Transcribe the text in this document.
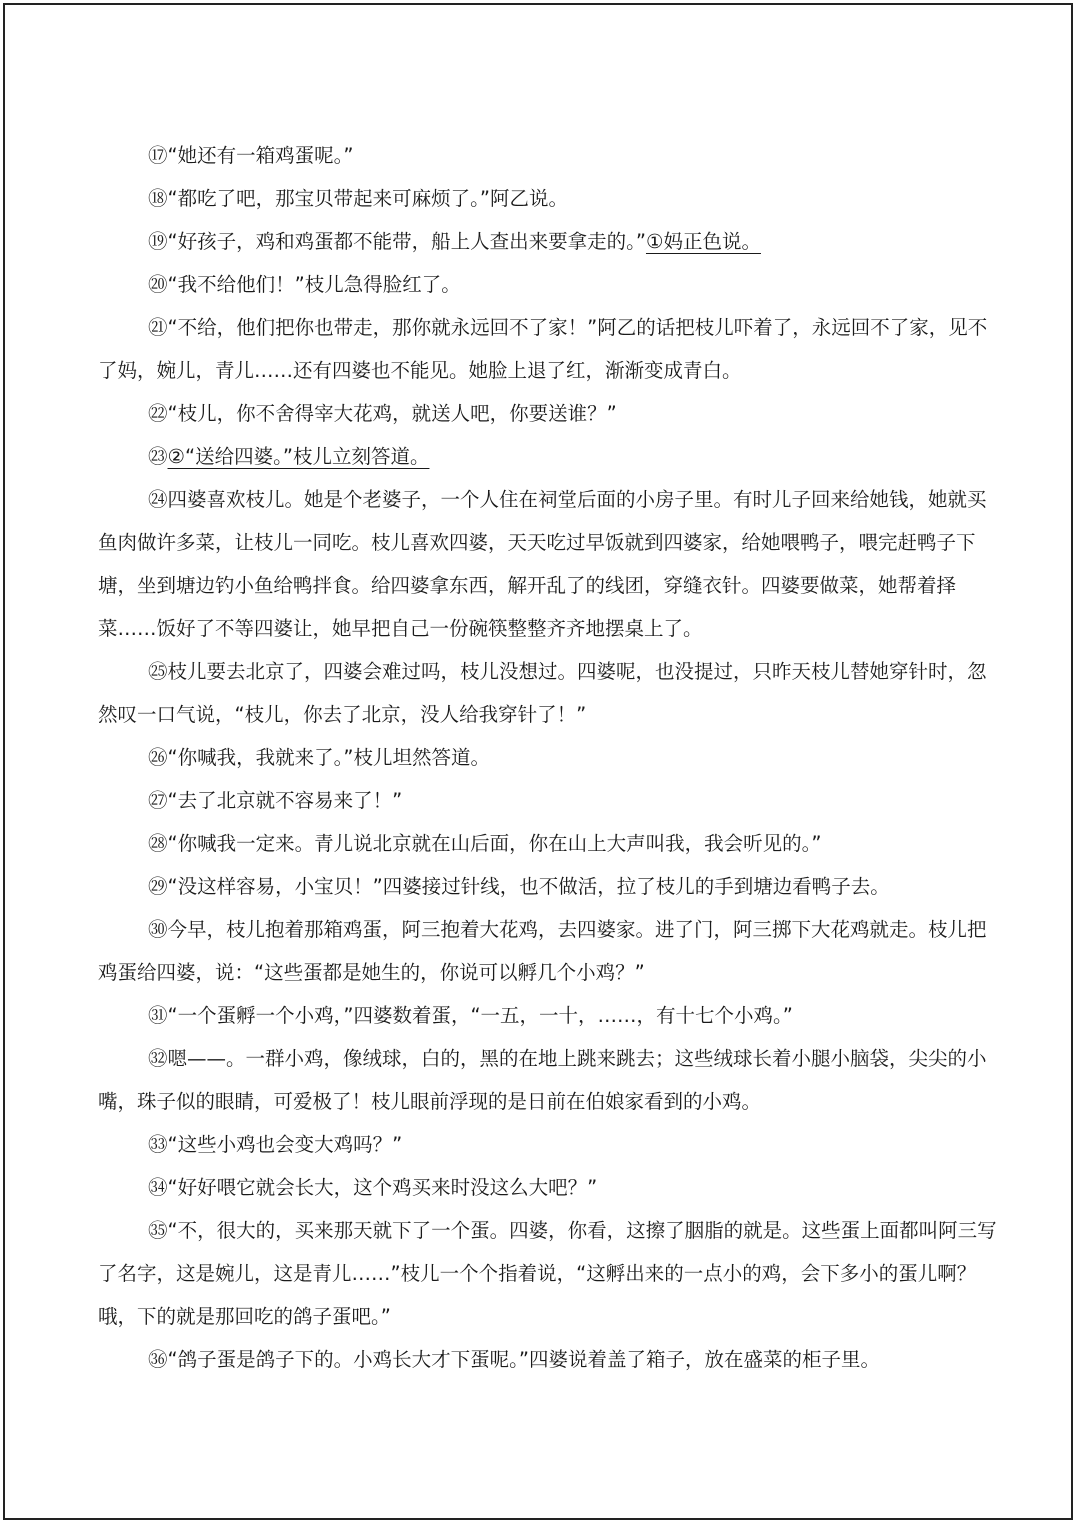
⑰“她还有一箱鸡蛋呢。”

⑱“都吃了吧，那宝贝带起来可麻烦了。”阿乙说。

⑲“好孩子，鸡和鸡蛋都不能带，船上人查出来要拿走的。”①妈正色说。

⑳“我不给他们！”枝儿急得脸红了。

㉑“不给，他们把你也带走，那你就永远回不了家！”阿乙的话把枝儿吓着了，永远回不了家，见不了妈，婉儿，青儿……还有四婆也不能见。她脸上退了红，渐渐变成青白。

㉒“枝儿，你不舍得宰大花鸡，就送人吧，你要送谁？”

㉓②“送给四婆。”枝儿立刻答道。

㉔四婆喜欢枝儿。她是个老婆子，一个人住在祠堂后面的小房子里。有时儿子回来给她钱，她就买鱼肉做许多菜，让枝儿一同吃。枝儿喜欢四婆，天天吃过早饭就到四婆家，给她喂鸭子，喂完赶鸭子下塘，坐到塘边钓小鱼给鸭拌食。给四婆拿东西，解开乱了的线团，穿缝衣针。四婆要做菜，她帮着择菜……饭好了不等四婆让，她早把自己一份碗筷整整齐齐地摆桌上了。

㉕枝儿要去北京了，四婆会难过吗，枝儿没想过。四婆呢，也没提过，只昨天枝儿替她穿针时，忽然叹一口气说，“枝儿，你去了北京，没人给我穿针了！”

㉖“你喊我，我就来了。”枝儿坦然答道。

㉗“去了北京就不容易来了！”

㉘“你喊我一定来。青儿说北京就在山后面，你在山上大声叫我，我会听见的。”

㉙“没这样容易，小宝贝！”四婆接过针线，也不做活，拉了枝儿的手到塘边看鸭子去。

㉚今早，枝儿抱着那箱鸡蛋，阿三抱着大花鸡，去四婆家。进了门，阿三掷下大花鸡就走。枝儿把鸡蛋给四婆，说：“这些蛋都是她生的，你说可以孵几个小鸡？”

㉛“一个蛋孵一个小鸡，”四婆数着蛋，“一五，一十，……，有十七个小鸡。”

㉜嗯——。一群小鸡，像绒球，白的，黑的在地上跳来跳去；这些绒球长着小腿小脑袋，尖尖的小嘴，珠子似的眼睛，可爱极了！枝儿眼前浮现的是日前在伯娘家看到的小鸡。

㉝“这些小鸡也会变大鸡吗？”

㉞“好好喂它就会长大，这个鸡买来时没这么大吧？”

㉟“不，很大的，买来那天就下了一个蛋。四婆，你看，这擦了胭脂的就是。这些蛋上面都叫阿三写了名字，这是婉儿，这是青儿……”枝儿一个个指着说，“这孵出来的一点小的鸡，会下多小的蛋儿啊？哦，下的就是那回吃的鸽子蛋吧。”

㊱“鸽子蛋是鸽子下的。小鸡长大才下蛋呢。”四婆说着盖了箱子，放在盛菜的柜子里。
